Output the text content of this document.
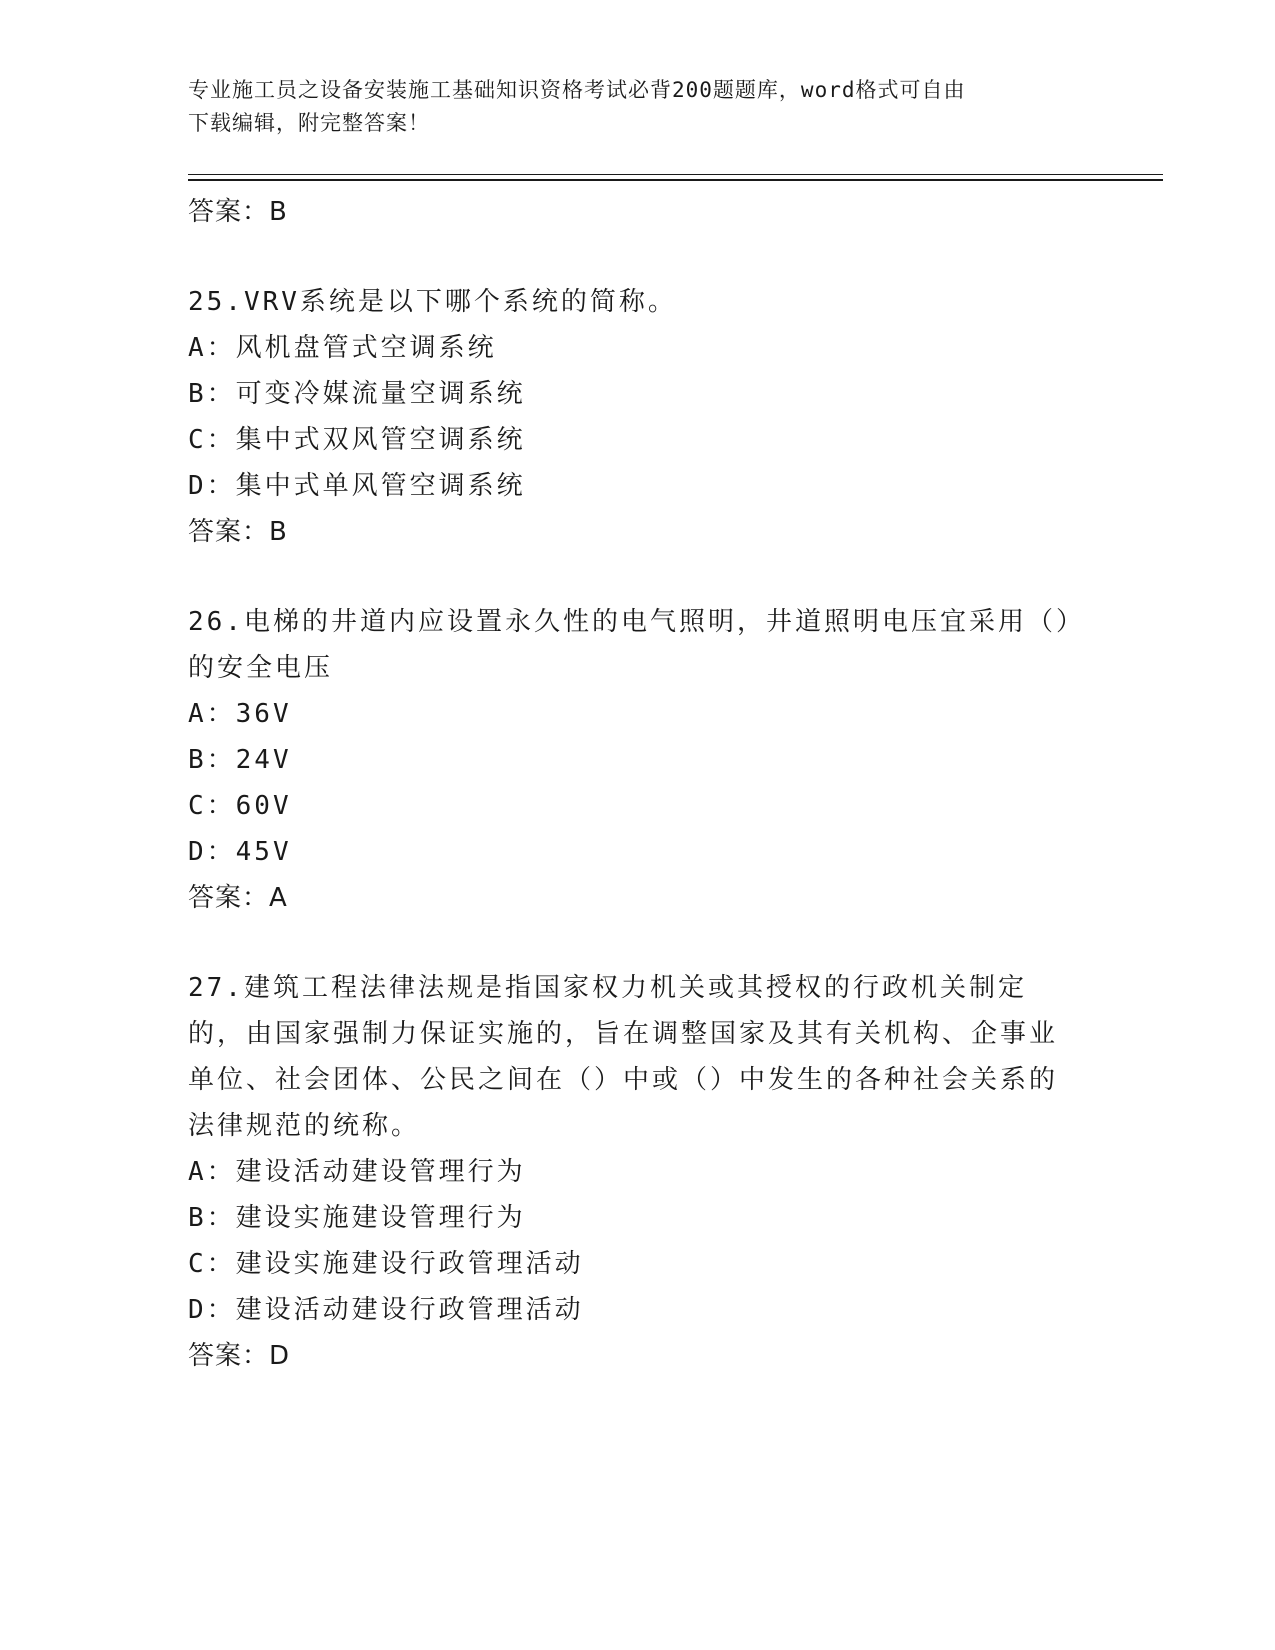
专业施工员之设备安装施工基础知识资格考试必背200题题库，word格式可自由
下载编辑，附完整答案！
答案：B
25.VRV系统是以下哪个系统的简称。
A：风机盘管式空调系统
B：可变冷媒流量空调系统
C：集中式双风管空调系统
D：集中式单风管空调系统
答案：B
26.电梯的井道内应设置永久性的电气照明，井道照明电压宜采用（）的安全电压
A：36V
B：24V
C：60V
D：45V
答案：A
27.建筑工程法律法规是指国家权力机关或其授权的行政机关制定的，由国家强制力保证实施的，旨在调整国家及其有关机构、企事业单位、社会团体、公民之间在（）中或（）中发生的各种社会关系的法律规范的统称。
A：建设活动建设管理行为
B：建设实施建设管理行为
C：建设实施建设行政管理活动
D：建设活动建设行政管理活动
答案：D
